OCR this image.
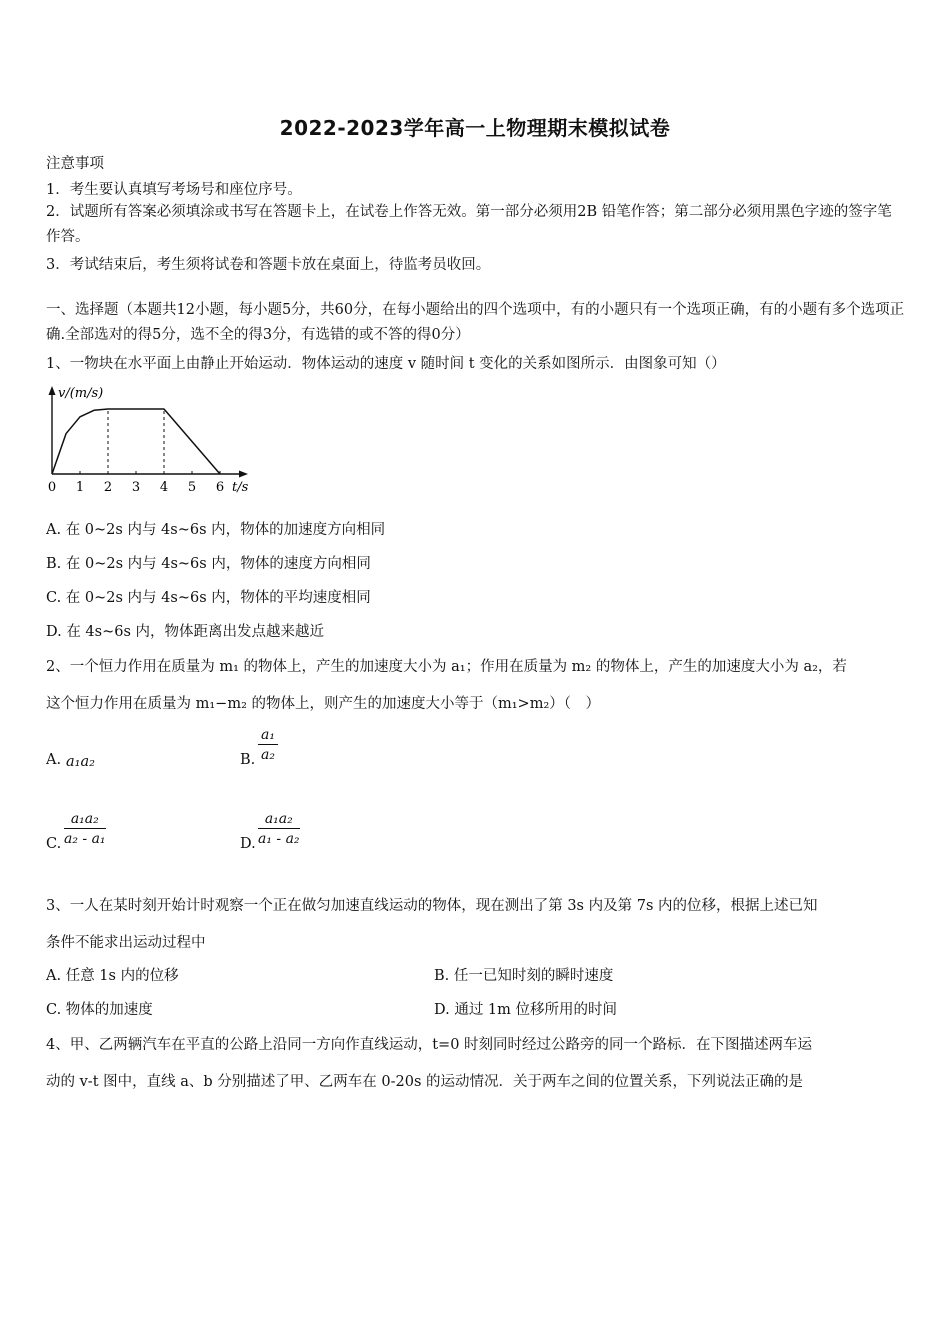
2022-2023学年高一上物理期末模拟试卷
注意事项
1．考生要认真填写考场号和座位序号。
2．试题所有答案必须填涂或书写在答题卡上，在试卷上作答无效。第一部分必须用2B 铅笔作答；第二部分必须用黑色字迹的签字笔作答。
3．考试结束后，考生须将试卷和答题卡放在桌面上，待监考员收回。
一、选择题（本题共12小题，每小题5分，共60分，在每小题给出的四个选项中，有的小题只有一个选项正确，有的小题有多个选项正确.全部选对的得5分，选不全的得3分，有选错的或不答的得0分）
1、一物块在水平面上由静止开始运动．物体运动的速度 v 随时间 t 变化的关系如图所示．由图象可知（）
0 1 2 3 4 5 6
v/(m/s)
t/s
A. 在 0~2s 内与 4s~6s 内，物体的加速度方向相同
B. 在 0~2s 内与 4s~6s 内，物体的速度方向相同
C. 在 0~2s 内与 4s~6s 内，物体的平均速度相同
D. 在 4s~6s 内，物体距离出发点越来越近
2、一个恒力作用在质量为 m₁ 的物体上，产生的加速度大小为 a₁；作用在质量为 m₂ 的物体上，产生的加速度大小为 a₂，若
这个恒力作用在质量为 m₁−m₂ 的物体上，则产生的加速度大小等于（m₁>m₂）（　）
A. a₁a₂	B. $\frac{\text{a₁}}{\text{a₂}}$
C. $\frac{\text{a₁a₂}}{\text{a₂ - a₁}}$	D. $\frac{\text{a₁a₂}}{\text{a₁ - a₂}}$
3、一人在某时刻开始计时观察一个正在做匀加速直线运动的物体，现在测出了第 3s 内及第 7s 内的位移，根据上述已知
条件不能求出运动过程中
A. 任意 1s 内的位移	B. 任一已知时刻的瞬时速度
C. 物体的加速度	D. 通过 1m 位移所用的时间
4、甲、乙两辆汽车在平直的公路上沿同一方向作直线运动，t=0 时刻同时经过公路旁的同一个路标．在下图描述两车运
动的 v-t 图中，直线 a、b 分别描述了甲、乙两车在 0-20s 的运动情况．关于两车之间的位置关系，下列说法正确的是
